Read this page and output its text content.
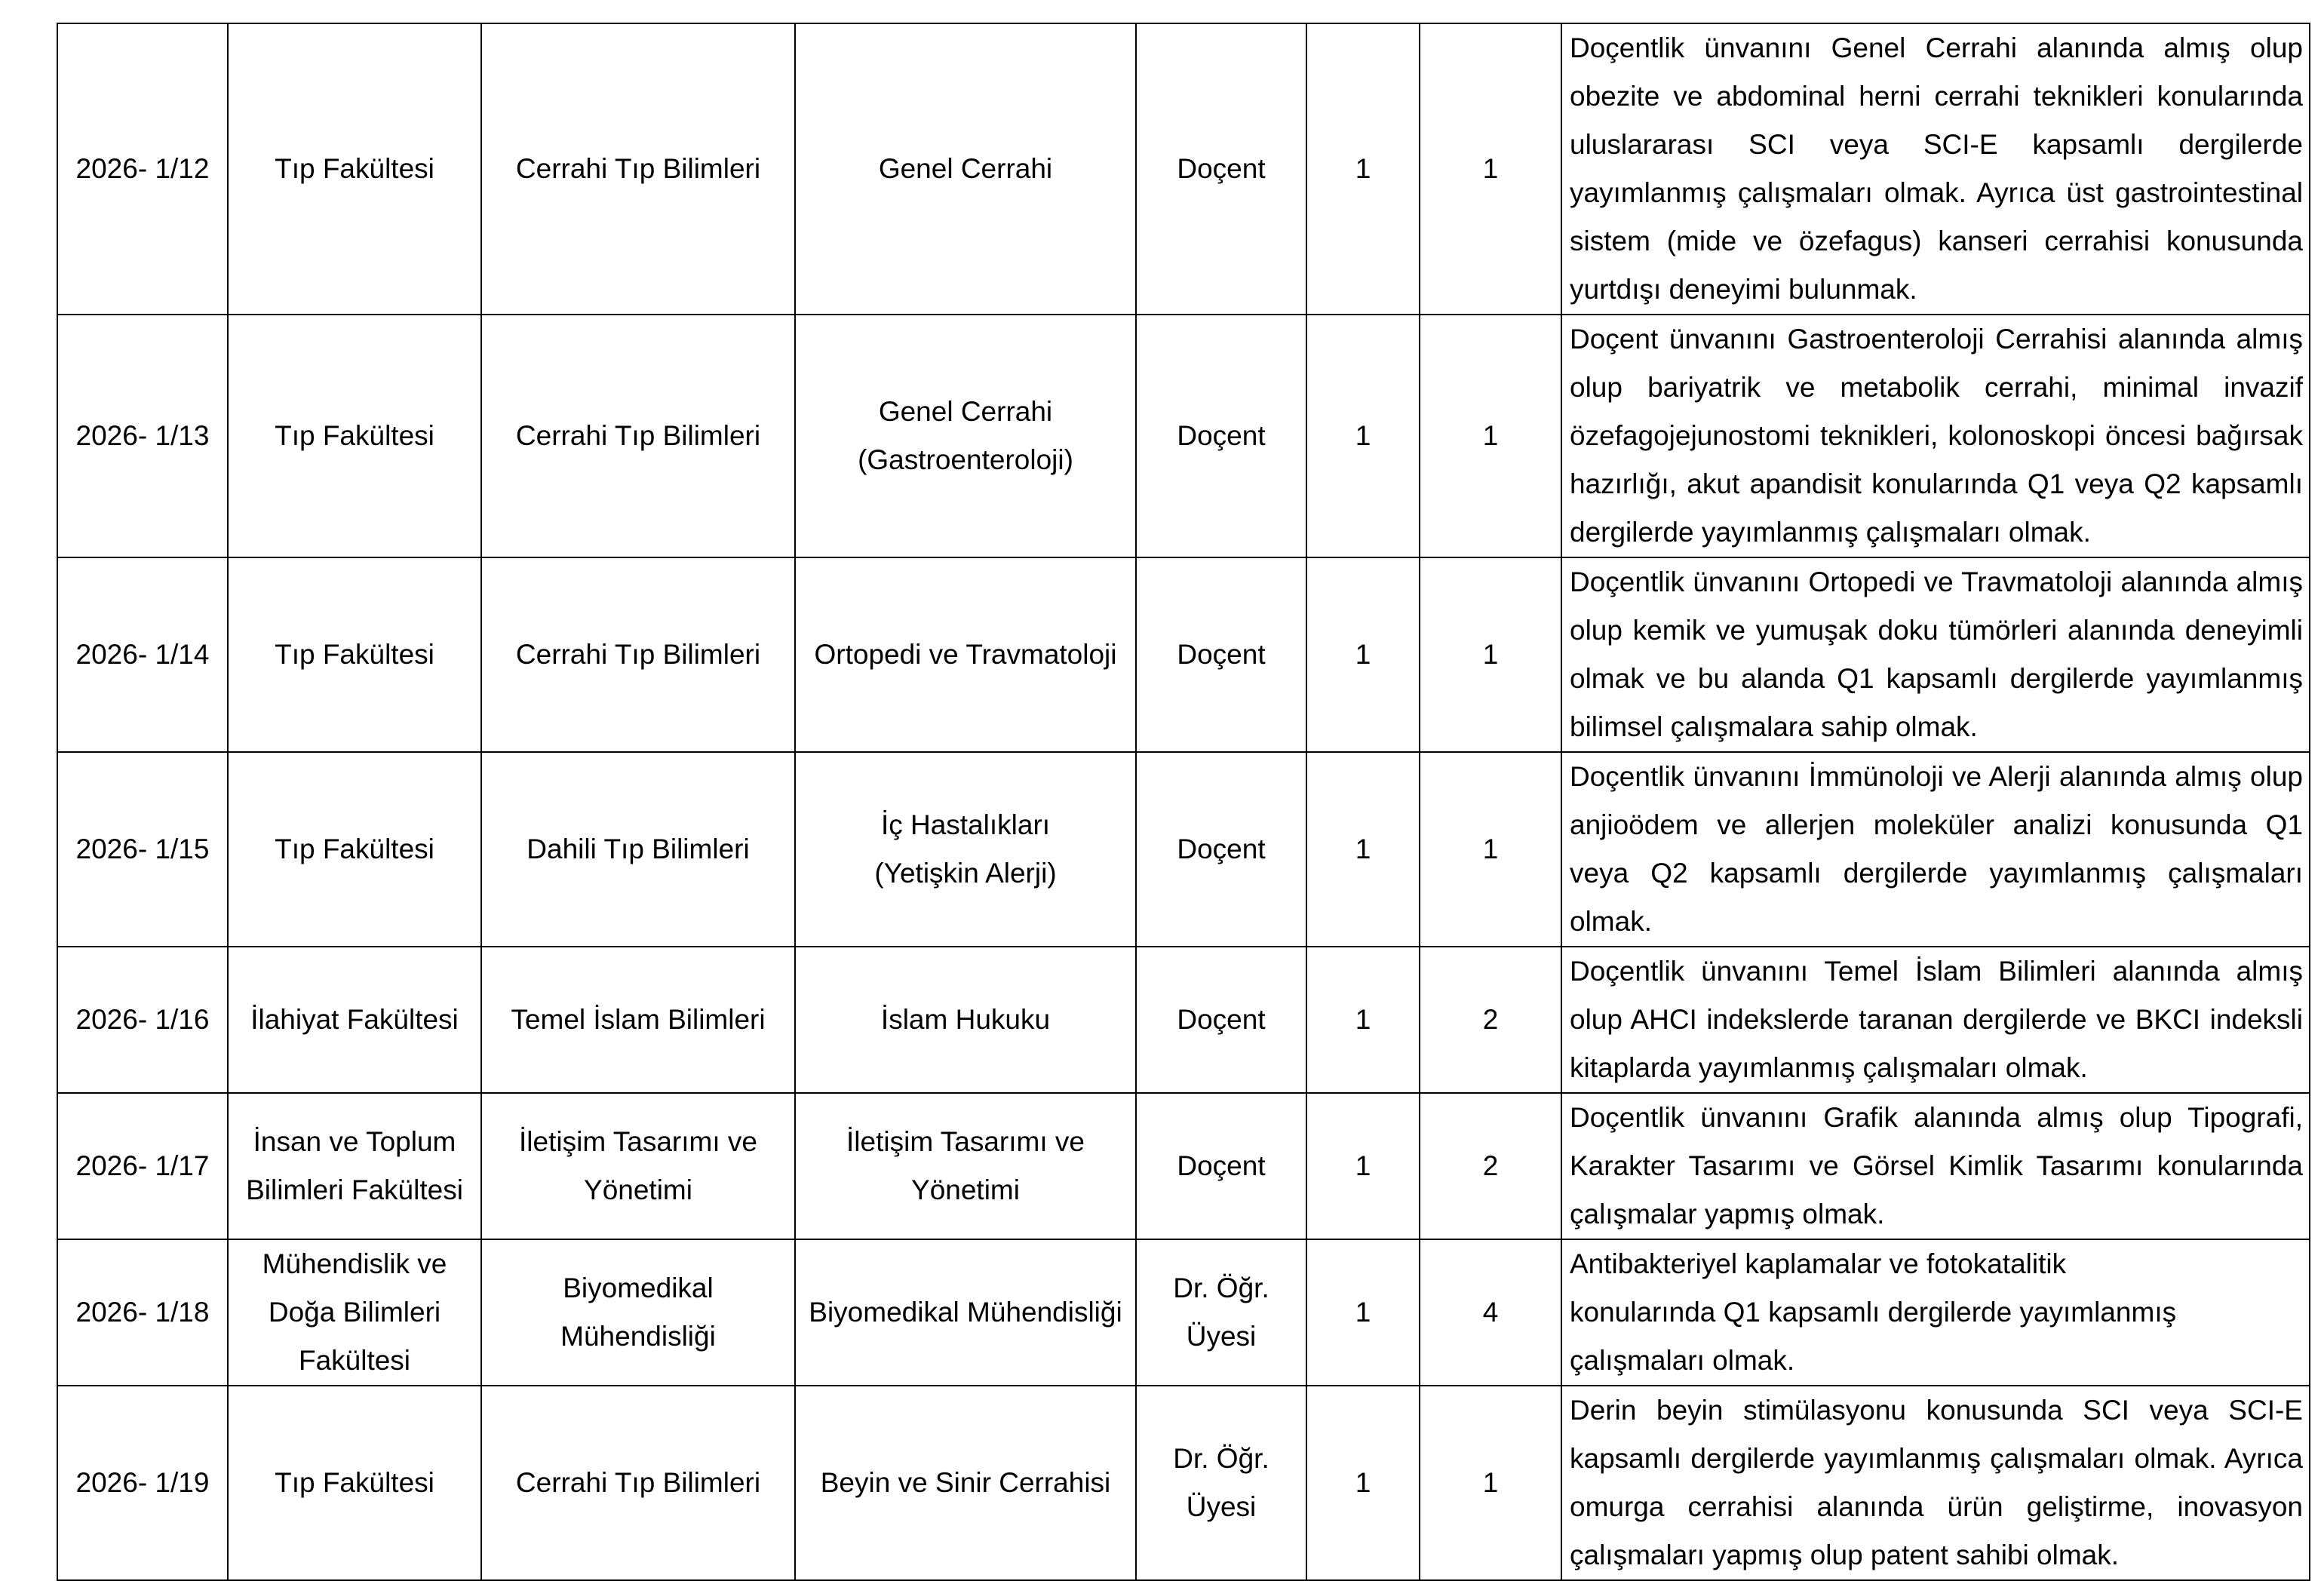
2026- 1/12	Tıp Fakültesi	Cerrahi Tıp Bilimleri	Genel Cerrahi	Doçent	1	1	Doçentlik ünvanını Genel Cerrahi alanında almış olup obezite ve abdominal herni cerrahi teknikleri konularında uluslararası SCI veya SCI-E kapsamlı dergilerde yayımlanmış çalışmaları olmak. Ayrıca üst gastrointestinal sistem (mide ve özefagus) kanseri cerrahisi konusunda yurtdışı deneyimi bulunmak.
2026- 1/13	Tıp Fakültesi	Cerrahi Tıp Bilimleri	Genel Cerrahi (Gastroenteroloji)	Doçent	1	1	Doçent ünvanını Gastroenteroloji Cerrahisi alanında almış olup bariyatrik ve metabolik cerrahi, minimal invazif özefagojejunostomi teknikleri, kolonoskopi öncesi bağırsak hazırlığı, akut apandisit konularında Q1 veya Q2 kapsamlı dergilerde yayımlanmış çalışmaları olmak.
2026- 1/14	Tıp Fakültesi	Cerrahi Tıp Bilimleri	Ortopedi ve Travmatoloji	Doçent	1	1	Doçentlik ünvanını Ortopedi ve Travmatoloji alanında almış olup kemik ve yumuşak doku tümörleri alanında deneyimli olmak ve bu alanda Q1 kapsamlı dergilerde yayımlanmış bilimsel çalışmalara sahip olmak.
2026- 1/15	Tıp Fakültesi	Dahili Tıp Bilimleri	İç Hastalıkları (Yetişkin Alerji)	Doçent	1	1	Doçentlik ünvanını İmmünoloji ve Alerji alanında almış olup anjioödem ve allerjen moleküler analizi konusunda Q1 veya Q2 kapsamlı dergilerde yayımlanmış çalışmaları olmak.
2026- 1/16	İlahiyat Fakültesi	Temel İslam Bilimleri	İslam Hukuku	Doçent	1	2	Doçentlik ünvanını Temel İslam Bilimleri alanında almış olup AHCI indekslerde taranan dergilerde ve BKCI indeksli kitaplarda yayımlanmış çalışmaları olmak.
2026- 1/17	İnsan ve Toplum Bilimleri Fakültesi	İletişim Tasarımı ve Yönetimi	İletişim Tasarımı ve Yönetimi	Doçent	1	2	Doçentlik ünvanını Grafik alanında almış olup Tipografi, Karakter Tasarımı ve Görsel Kimlik Tasarımı konularında çalışmalar yapmış olmak.
2026- 1/18	Mühendislik ve Doğa Bilimleri Fakültesi	Biyomedikal Mühendisliği	Biyomedikal Mühendisliği	Dr. Öğr. Üyesi	1	4	Antibakteriyel kaplamalar ve fotokatalitik konularında Q1 kapsamlı dergilerde yayımlanmış çalışmaları olmak.
2026- 1/19	Tıp Fakültesi	Cerrahi Tıp Bilimleri	Beyin ve Sinir Cerrahisi	Dr. Öğr. Üyesi	1	1	Derin beyin stimülasyonu konusunda SCI veya SCI-E kapsamlı dergilerde yayımlanmış çalışmaları olmak. Ayrıca omurga cerrahisi alanında ürün geliştirme, inovasyon çalışmaları yapmış olup patent sahibi olmak.
